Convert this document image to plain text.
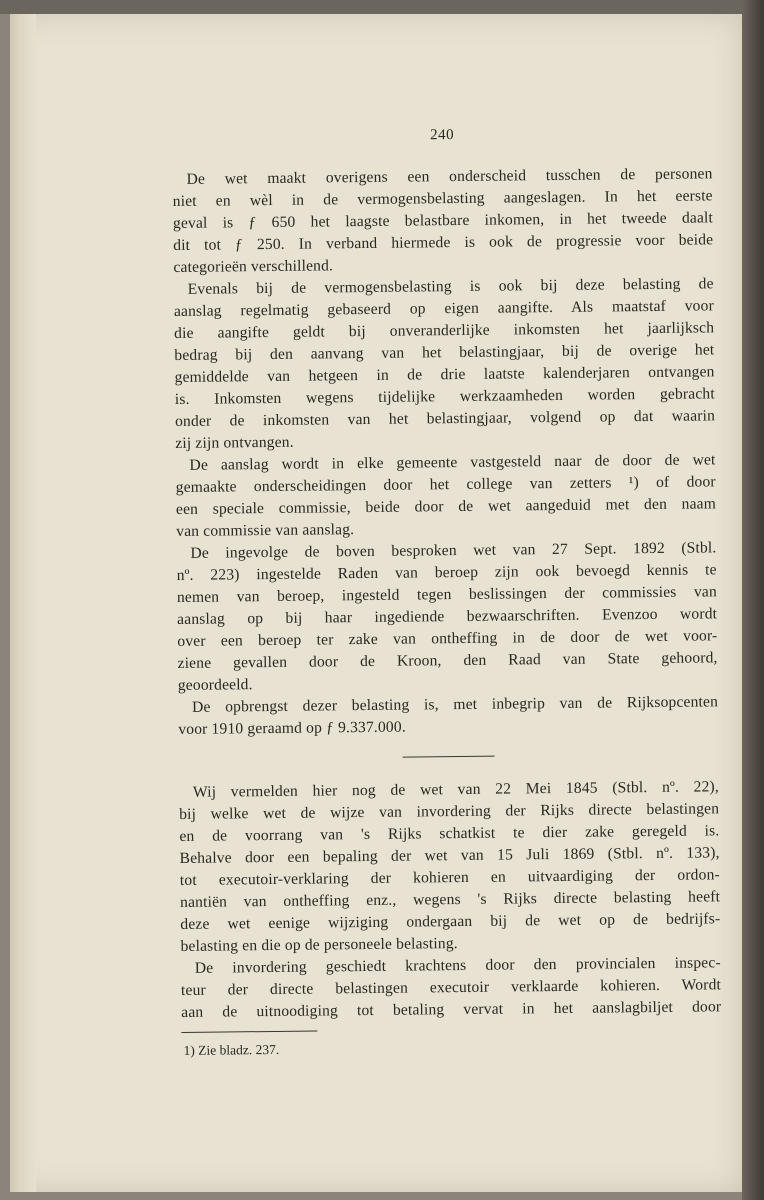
240
De wet maakt overigens een onderscheid tusschen de personen
niet en wèl in de vermogensbelasting aangeslagen. In het eerste
geval is ƒ 650 het laagste belastbare inkomen, in het tweede daalt
dit tot ƒ 250. In verband hiermede is ook de progressie voor beide
categorieën verschillend.
Evenals bij de vermogensbelasting is ook bij deze belasting de
aanslag regelmatig gebaseerd op eigen aangifte. Als maatstaf voor
die aangifte geldt bij onveranderlijke inkomsten het jaarlijksch
bedrag bij den aanvang van het belastingjaar, bij de overige het
gemiddelde van hetgeen in de drie laatste kalenderjaren ontvangen
is. Inkomsten wegens tijdelijke werkzaamheden worden gebracht
onder de inkomsten van het belastingjaar, volgend op dat waarin
zij zijn ontvangen.
De aanslag wordt in elke gemeente vastgesteld naar de door de wet
gemaakte onderscheidingen door het college van zetters ¹) of door
een speciale commissie, beide door de wet aangeduid met den naam
van commissie van aanslag.
De ingevolge de boven besproken wet van 27 Sept. 1892 (Stbl.
nº. 223) ingestelde Raden van beroep zijn ook bevoegd kennis te
nemen van beroep, ingesteld tegen beslissingen der commissies van
aanslag op bij haar ingediende bezwaarschriften. Evenzoo wordt
over een beroep ter zake van ontheffing in de door de wet voor-
ziene gevallen door de Kroon, den Raad van State gehoord,
geoordeeld.
De opbrengst dezer belasting is, met inbegrip van de Rijksopcenten
voor 1910 geraamd op ƒ 9.337.000.
Wij vermelden hier nog de wet van 22 Mei 1845 (Stbl. nº. 22),
bij welke wet de wijze van invordering der Rijks directe belastingen
en de voorrang van 's Rijks schatkist te dier zake geregeld is.
Behalve door een bepaling der wet van 15 Juli 1869 (Stbl. nº. 133),
tot executoir-verklaring der kohieren en uitvaardiging der ordon-
nantiën van ontheffing enz., wegens 's Rijks directe belasting heeft
deze wet eenige wijziging ondergaan bij de wet op de bedrijfs-
belasting en die op de personeele belasting.
De invordering geschiedt krachtens door den provincialen inspec-
teur der directe belastingen executoir verklaarde kohieren. Wordt
aan de uitnoodiging tot betaling vervat in het aanslagbiljet door
1) Zie bladz. 237.
